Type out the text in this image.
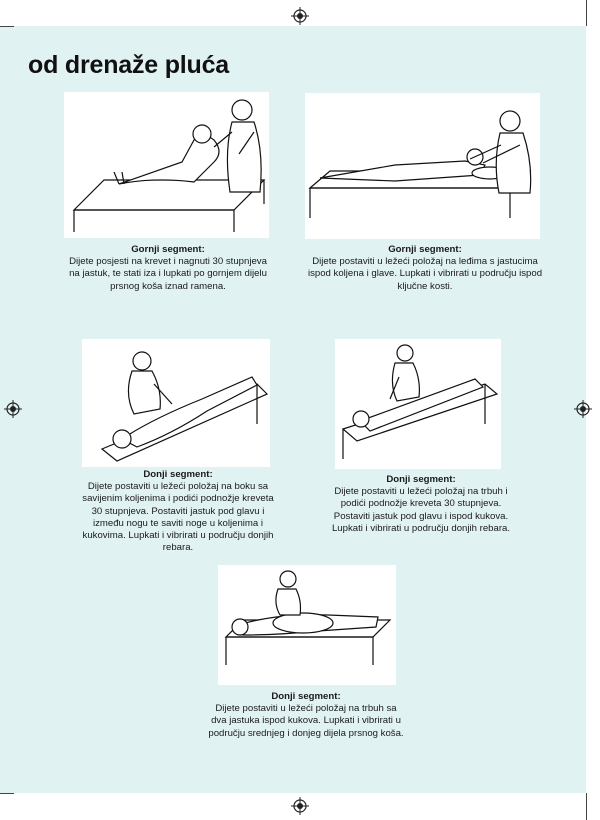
od drenaže pluća
Gornji segment:
Dijete posjesti na krevet i nagnuti 30 stupnjeva na jastuk, te stati iza i lupkati po gornjem dijelu prsnog koša iznad ramena.
Gornji segment:
Dijete postaviti u ležeći položaj na leđima s jastucima ispod koljena i glave. Lupkati i vibrirati u području ispod ključne kosti.
Donji segment:
Dijete postaviti u ležeći položaj na boku sa savijenim koljenima i podići podnožje kreveta 30 stupnjeva. Postaviti jastuk pod glavu i između nogu te saviti noge u koljenima i kukovima. Lupkati i vibrirati u području donjih rebara.
Donji segment:
Dijete postaviti u ležeći položaj na trbuh i podići podnožje kreveta 30 stupnjeva. Postaviti jastuk pod glavu i ispod kukova. Lupkati i vibrirati u području donjih rebara.
Donji segment:
Dijete postaviti u ležeći položaj na trbuh sa dva jastuka ispod kukova. Lupkati i vibrirati u području srednjeg i donjeg dijela prsnog koša.
